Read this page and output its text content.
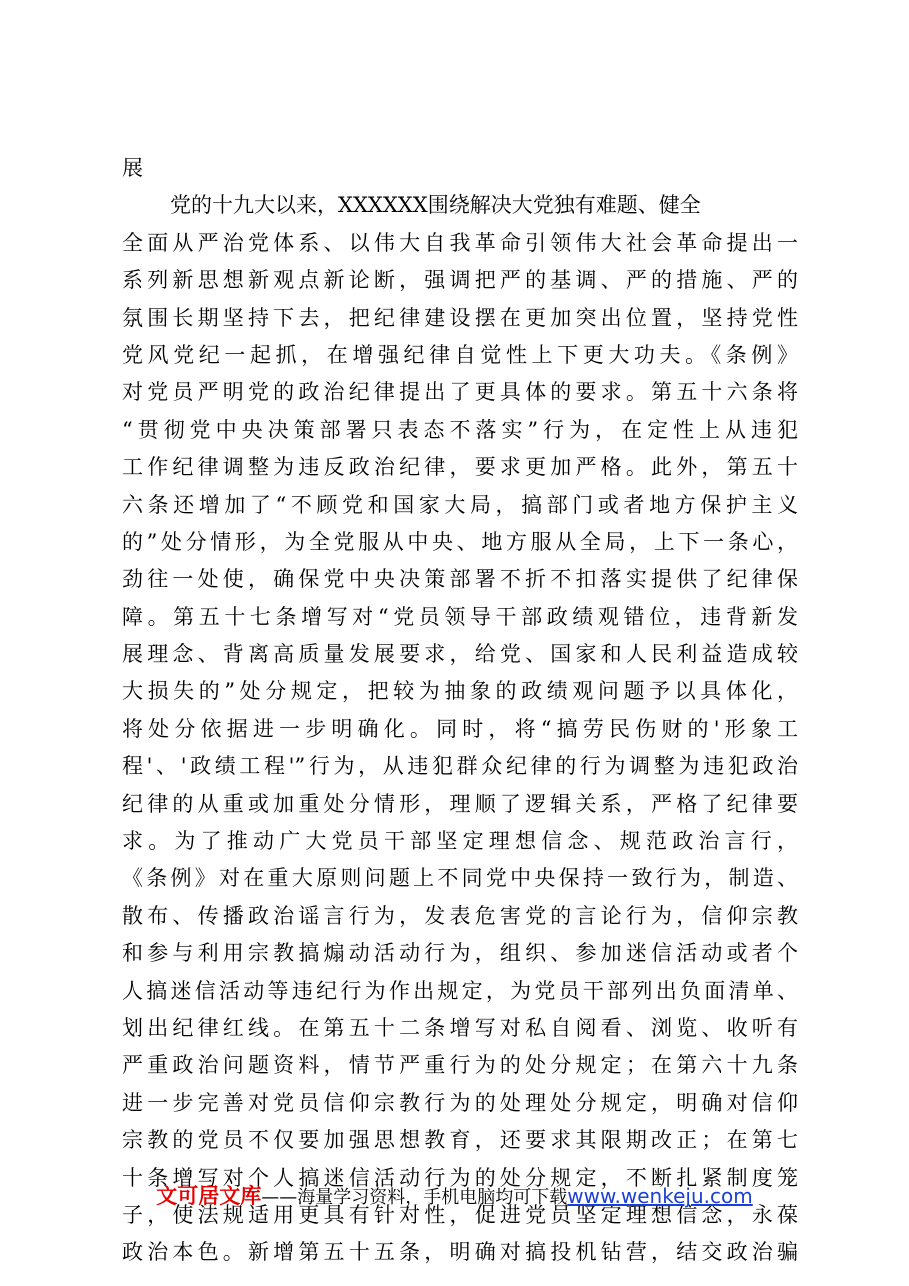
展
党的十九大以来，XXXXXX围绕解决大党独有难题、健全
全面从严治党体系、以伟大自我革命引领伟大社会革命提出一
系列新思想新观点新论断，强调把严的基调、严的措施、严的
氛围长期坚持下去，把纪律建设摆在更加突出位置，坚持党性
党风党纪一起抓，在增强纪律自觉性上下更大功夫。《条例》
对党员严明党的政治纪律提出了更具体的要求。第五十六条将
“贯彻党中央决策部署只表态不落实”行为，在定性上从违犯
工作纪律调整为违反政治纪律，要求更加严格。此外，第五十
六条还增加了“不顾党和国家大局，搞部门或者地方保护主义
的”处分情形，为全党服从中央、地方服从全局，上下一条心，
劲往一处使，确保党中央决策部署不折不扣落实提供了纪律保
障。第五十七条增写对“党员领导干部政绩观错位，违背新发
展理念、背离高质量发展要求，给党、国家和人民利益造成较
大损失的”处分规定，把较为抽象的政绩观问题予以具体化，
将处分依据进一步明确化。同时，将“搞劳民伤财的'形象工
程'、'政绩工程'”行为，从违犯群众纪律的行为调整为违犯政治
纪律的从重或加重处分情形，理顺了逻辑关系，严格了纪律要
求。为了推动广大党员干部坚定理想信念、规范政治言行，
《条例》对在重大原则问题上不同党中央保持一致行为，制造、
散布、传播政治谣言行为，发表危害党的言论行为，信仰宗教
和参与利用宗教搞煽动活动行为，组织、参加迷信活动或者个
人搞迷信活动等违纪行为作出规定，为党员干部列出负面清单、
划出纪律红线。在第五十二条增写对私自阅看、浏览、收听有
严重政治问题资料，情节严重行为的处分规定；在第六十九条
进一步完善对党员信仰宗教行为的处理处分规定，明确对信仰
宗教的党员不仅要加强思想教育，还要求其限期改正；在第七
十条增写对个人搞迷信活动行为的处分规定，不断扎紧制度笼
子，使法规适用更具有针对性，促进党员坚定理想信念，永葆
政治本色。新增第五十五条，明确对搞投机钻营，结交政治骗
文可居文库——海量学习资料，手机电脑均可下载www.wenkeju.com
